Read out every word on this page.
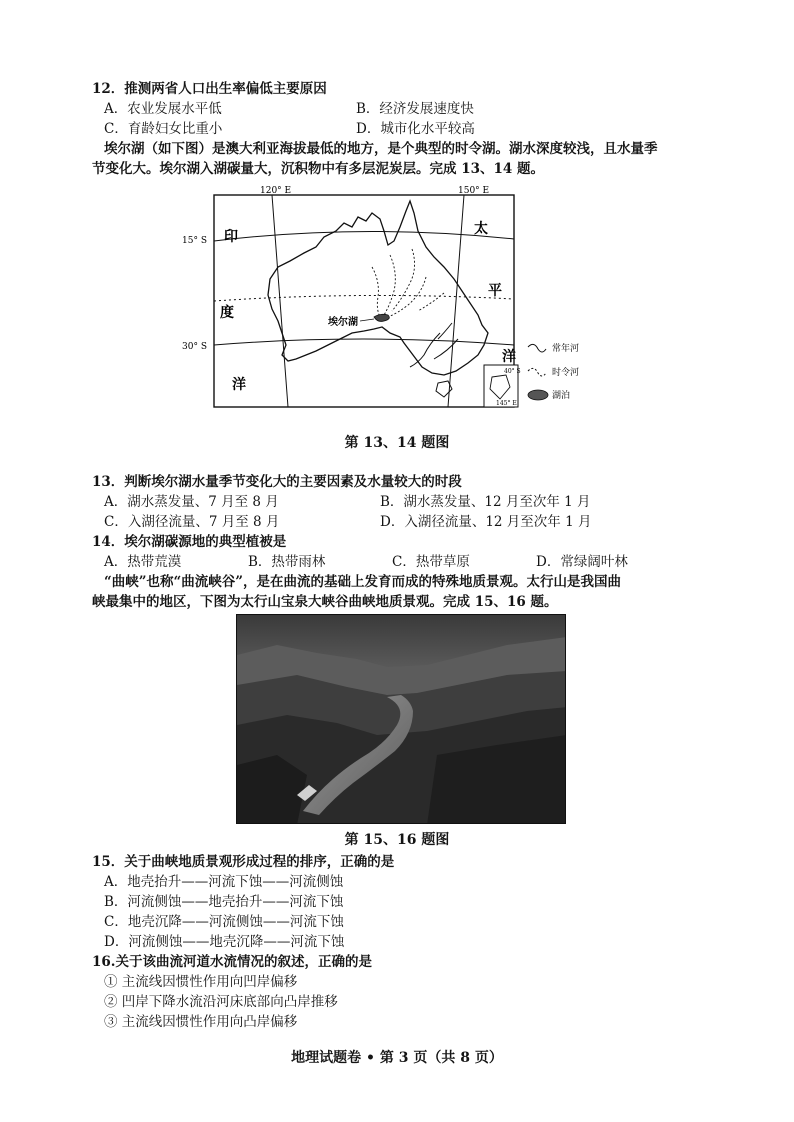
12．推测两省人口出生率偏低主要原因
A．农业发展水平低	B．经济发展速度快
C．育龄妇女比重小	D．城市化水平较高
埃尔湖（如下图）是澳大利亚海拔最低的地方，是个典型的时令湖。湖水深度较浅，且水量季
节变化大。埃尔湖入湖碳量大，沉积物中有多层泥炭层。完成 13、14 题。
埃尔湖
120° E	150° E
15° S
30° S
印
度
洋
太
平
洋
40° S
145° E
常年河
时令河
湖泊
第 13、14 题图
13．判断埃尔湖水量季节变化大的主要因素及水量较大的时段
A．湖水蒸发量、7 月至 8 月	B．湖水蒸发量、12 月至次年 1 月
C．入湖径流量、7 月至 8 月	D．入湖径流量、12 月至次年 1 月
14．埃尔湖碳源地的典型植被是
A．热带荒漠	B．热带雨林	C．热带草原	D．常绿阔叶林
“曲峡”也称“曲流峡谷”，是在曲流的基础上发育而成的特殊地质景观。太行山是我国曲
峡最集中的地区，下图为太行山宝泉大峡谷曲峡地质景观。完成 15、16 题。
第 15、16 题图
15．关于曲峡地质景观形成过程的排序，正确的是
A．地壳抬升——河流下蚀——河流侧蚀
B．河流侧蚀——地壳抬升——河流下蚀
C．地壳沉降——河流侧蚀——河流下蚀
D．河流侧蚀——地壳沉降——河流下蚀
16.关于该曲流河道水流情况的叙述，正确的是
① 主流线因惯性作用向凹岸偏移
② 凹岸下降水流沿河床底部向凸岸推移
③ 主流线因惯性作用向凸岸偏移
地理试题卷 • 第 3 页（共 8 页）
